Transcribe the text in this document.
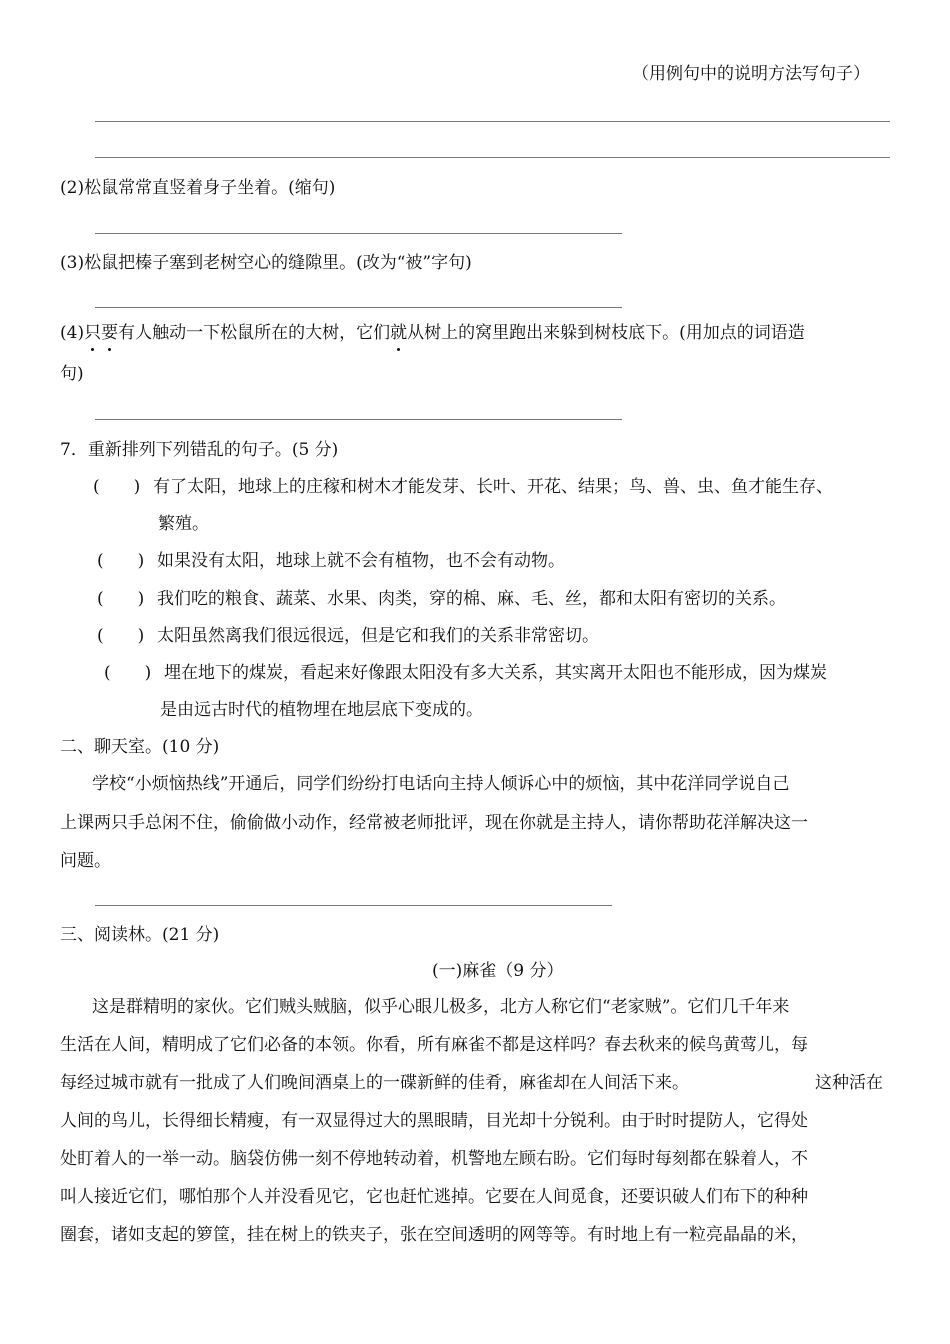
（用例句中的说明方法写句子）
(2)松鼠常常直竖着身子坐着。(缩句)
(3)松鼠把榛子塞到老树空心的缝隙里。(改为“被”字句)
(4)只要有人触动一下松鼠所在的大树，它们就从树上的窝里跑出来躲到树枝底下。(用加点的词语造
句)
7．重新排列下列错乱的句子。(5 分)
(　　) 有了太阳，地球上的庄稼和树木才能发芽、长叶、开花、结果；鸟、兽、虫、鱼才能生存、
繁殖。
(　　) 如果没有太阳，地球上就不会有植物，也不会有动物。
(　　) 我们吃的粮食、蔬菜、水果、肉类，穿的棉、麻、毛、丝，都和太阳有密切的关系。
(　　) 太阳虽然离我们很远很远，但是它和我们的关系非常密切。
(　　) 埋在地下的煤炭，看起来好像跟太阳没有多大关系，其实离开太阳也不能形成，因为煤炭
是由远古时代的植物埋在地层底下变成的。
二、聊天室。(10 分)
学校“小烦恼热线”开通后，同学们纷纷打电话向主持人倾诉心中的烦恼，其中花洋同学说自己
上课两只手总闲不住，偷偷做小动作，经常被老师批评，现在你就是主持人，请你帮助花洋解决这一
问题。
三、阅读林。(21 分)
(一)麻雀（9 分）
这是群精明的家伙。它们贼头贼脑，似乎心眼儿极多，北方人称它们“老家贼”。它们几千年来
生活在人间，精明成了它们必备的本领。你看，所有麻雀不都是这样吗？春去秋来的候鸟黄莺儿，每
每经过城市就有一批成了人们晚间酒桌上的一碟新鲜的佳肴，麻雀却在人间活下来。	这种活在
人间的鸟儿，长得细长精瘦，有一双显得过大的黑眼睛，目光却十分锐利。由于时时提防人，它得处
处盯着人的一举一动。脑袋仿佛一刻不停地转动着，机警地左顾右盼。它们每时每刻都在躲着人，不
叫人接近它们，哪怕那个人并没看见它，它也赶忙逃掉。它要在人间觅食，还要识破人们布下的种种
圈套，诸如支起的箩筐，挂在树上的铁夹子，张在空间透明的网等等。有时地上有一粒亮晶晶的米，
